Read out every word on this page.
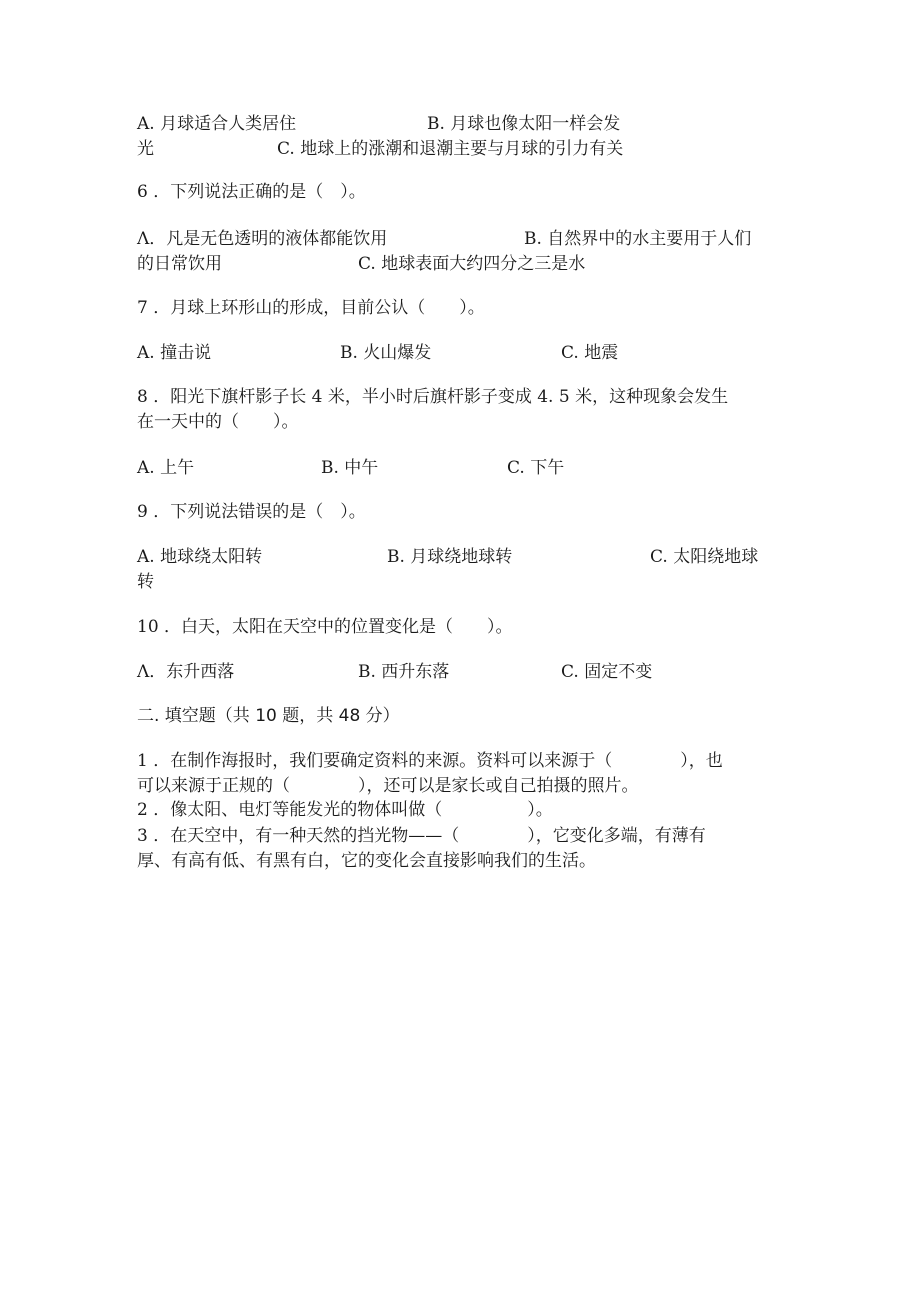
A. 月球适合人类居住	B. 月球也像太阳一样会发
光	C. 地球上的涨潮和退潮主要与月球的引力有关
6 ．下列说法正确的是（　）。
Λ．凡是无色透明的液体都能饮用	B. 自然界中的水主要用于人们
的日常饮用	C. 地球表面大约四分之三是水
7 ．月球上环形山的形成，目前公认（　　）。
A. 撞击说	B. 火山爆发	C. 地震
8 ．阳光下旗杆影子长 4 米，半小时后旗杆影子变成 4. 5 米，这种现象会发生
在一天中的（　　）。
A. 上午	B. 中午	C. 下午
9 ．下列说法错误的是（　）。
A. 地球绕太阳转	B. 月球绕地球转	C. 太阳绕地球
转
10 ．白天，太阳在天空中的位置变化是（　　）。
Λ．东升西落	B. 西升东落	C. 固定不变
二. 填空题（共 10 题，共 48 分）
1 ．在制作海报时，我们要确定资料的来源。资料可以来源于（　　　　），也
可以来源于正规的（　　　　），还可以是家长或自己拍摄的照片。
2 ．像太阳、电灯等能发光的物体叫做（　　　　　）。
3 ．在天空中，有一种天然的挡光物——（　　　　），它变化多端，有薄有
厚、有高有低、有黑有白，它的变化会直接影响我们的生活。
